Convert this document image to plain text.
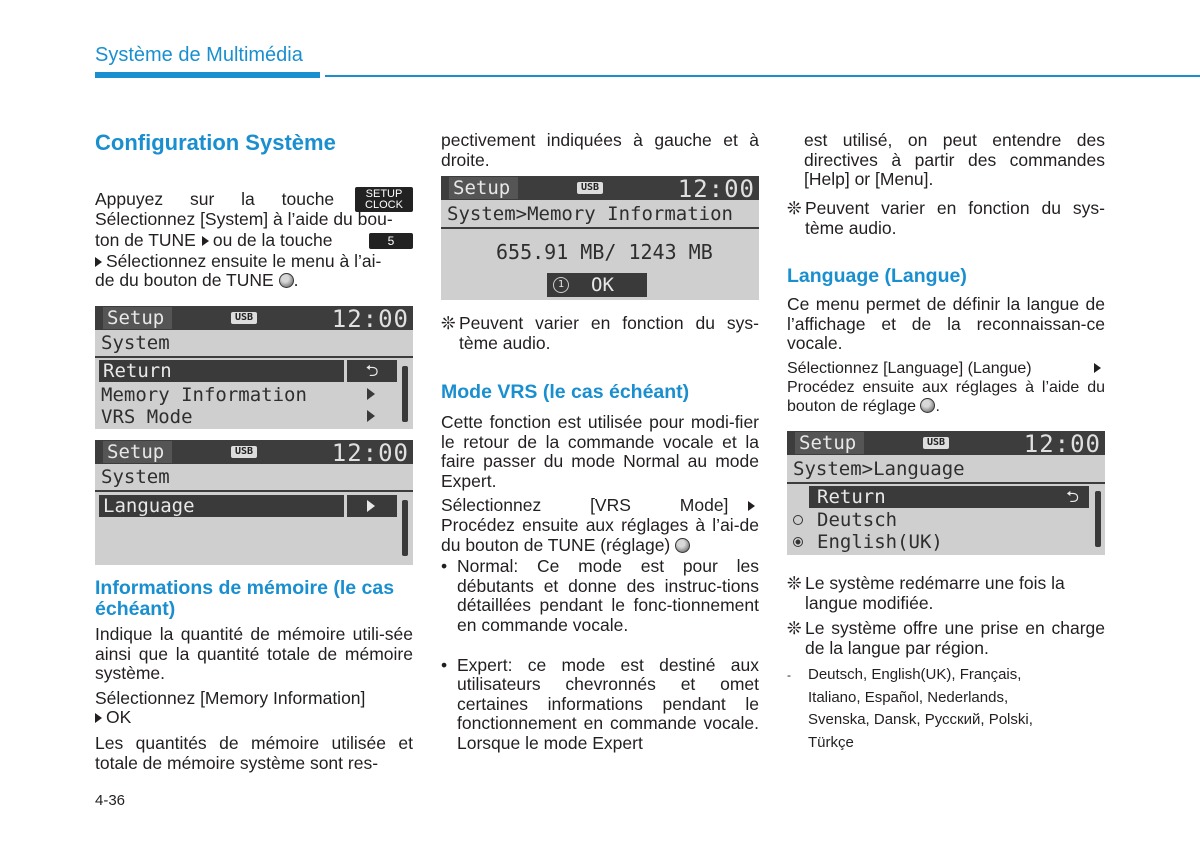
Système de Multimédia
Configuration Système
Appuyez sur la touche	SETUP
CLOCK
Sélectionnez [System] à l’aide du bou-
ton de TUNE ou de la touche	5
Sélectionnez ensuite le menu à l’ai-
de du bouton de TUNE .
Setup	USB	12:00
System
Return	⮌
Memory Information
VRS Mode
Setup	USB	12:00
System
Language
Informations de mémoire (le cas échéant)
Indique la quantité de mémoire utili-sée ainsi que la quantité totale de mémoire système.
Sélectionnez [Memory Information]
OK
Les quantités de mémoire utilisée et totale de mémoire système sont res-
pectivement indiquées à gauche et à droite.
Setup	USB	12:00
System>Memory Information
655.91 MB/ 1243 MB
1 OK
❊ Peuvent varier en fonction du sys-tème audio.
Mode VRS (le cas échéant)
Cette fonction est utilisée pour modi-fier le retour de la commande vocale et la faire passer du mode Normal au mode Expert.
Sélectionnez [VRS Mode]
Procédez ensuite aux réglages à l’ai-de du bouton de TUNE (réglage)
• Normal: Ce mode est pour les débutants et donne des instruc-tions détaillées pendant le fonc-tionnement en commande vocale.
• Expert: ce mode est destiné aux utilisateurs chevronnés et omet certaines informations pendant le fonctionnement en commande vocale. Lorsque le mode Expert
est utilisé, on peut entendre des directives à partir des commandes [Help] or [Menu].
❊ Peuvent varier en fonction du sys-tème audio.
Language (Langue)
Ce menu permet de définir la langue de l’affichage et de la reconnaissan-ce vocale.
Sélectionnez [Language] (Langue)
Procédez ensuite aux réglages à l’aide du bouton de réglage .
Setup	USB	12:00
System>Language
Return	⮌
Deutsch
English(UK)
❊ Le système redémarre une fois la langue modifiée.
❊ Le système offre une prise en charge de la langue par région.
- Deutsch, English(UK), Français,
Italiano, Español, Nederlands,
Svenska, Dansk, Русский, Polski,
Türkçe
4-36
